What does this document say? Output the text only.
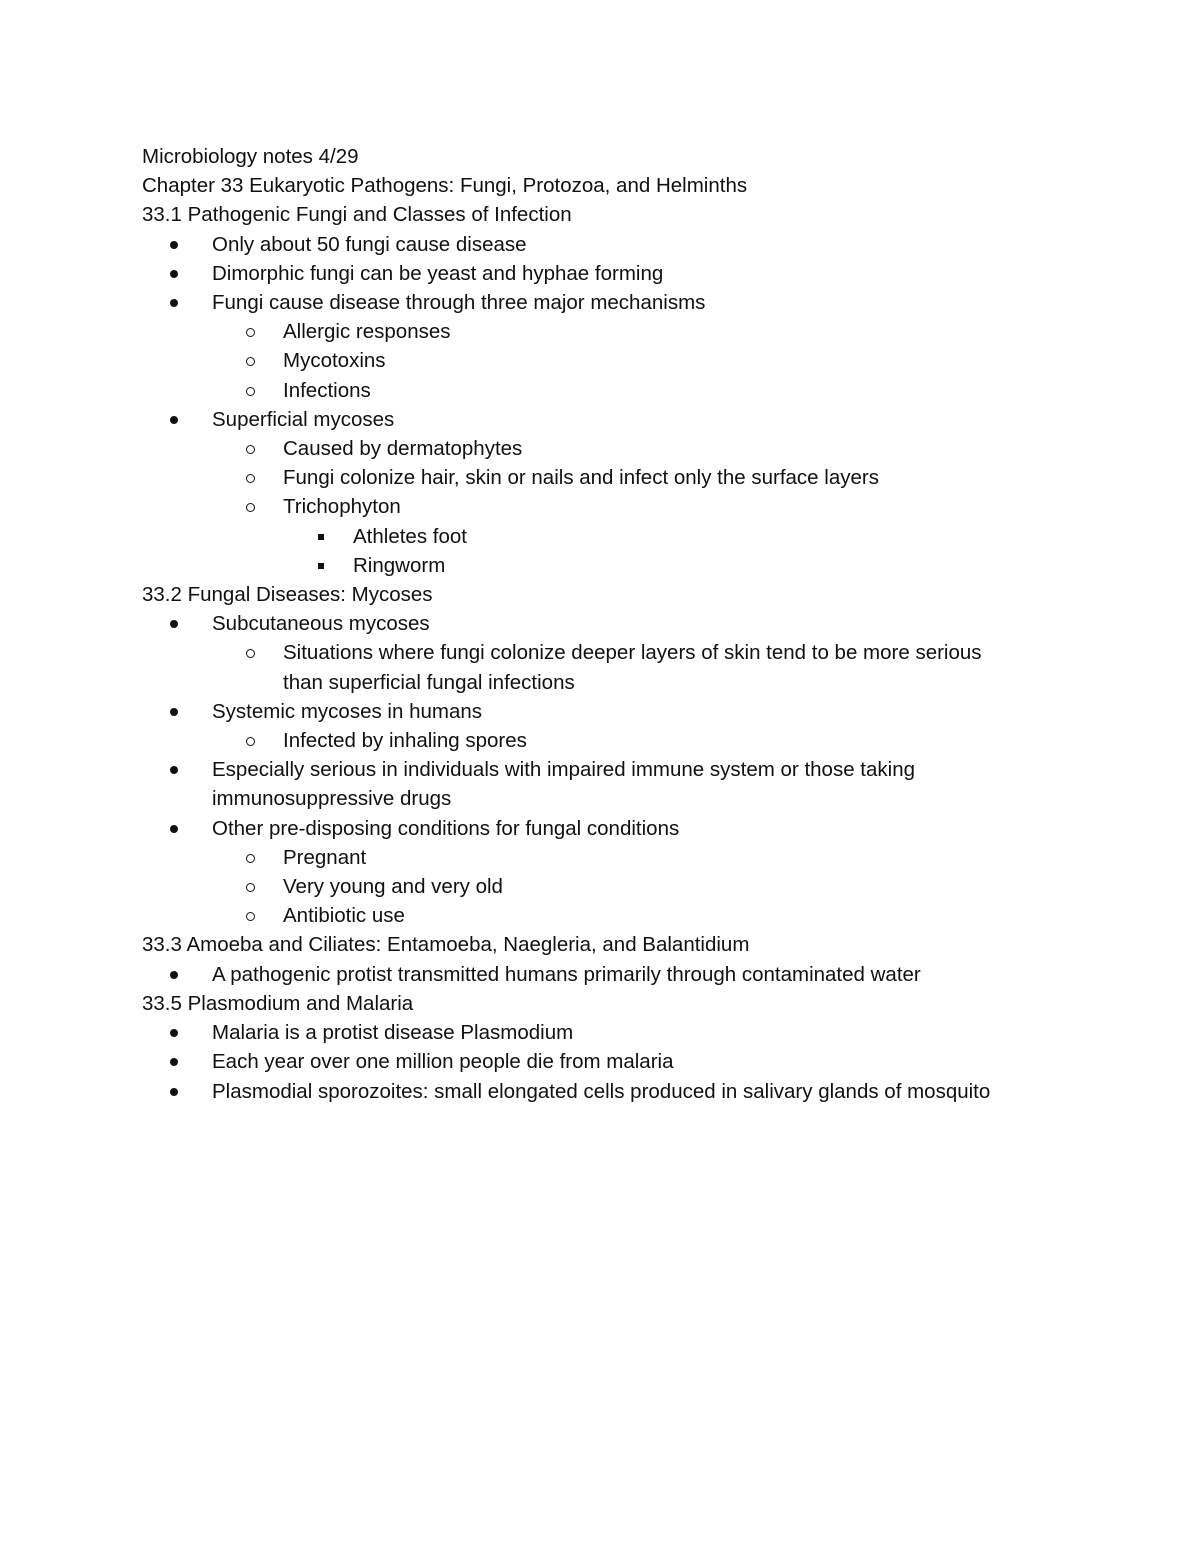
Microbiology notes 4/29

Chapter 33 Eukaryotic Pathogens: Fungi, Protozoa, and Helminths

33.1 Pathogenic Fungi and Classes of Infection

Only about 50 fungi cause disease
Dimorphic fungi can be yeast and hyphae forming
Fungi cause disease through three major mechanisms
Allergic responses
Mycotoxins
Infections
Superficial mycoses
Caused by dermatophytes
Fungi colonize hair, skin or nails and infect only the surface layers
Trichophyton
Athletes foot
Ringworm

33.2 Fungal Diseases: Mycoses

Subcutaneous mycoses
Situations where fungi colonize deeper layers of skin tend to be more serious than superficial fungal infections
Systemic mycoses in humans
Infected by inhaling spores
Especially serious in individuals with impaired immune system or those taking immunosuppressive drugs
Other pre-disposing conditions for fungal conditions
Pregnant
Very young and very old
Antibiotic use

33.3 Amoeba and Ciliates: Entamoeba, Naegleria, and Balantidium

A pathogenic protist transmitted humans primarily through contaminated water

33.5 Plasmodium and Malaria

Malaria is a protist disease Plasmodium
Each year over one million people die from malaria
Plasmodial sporozoites: small elongated cells produced in salivary glands of mosquito
